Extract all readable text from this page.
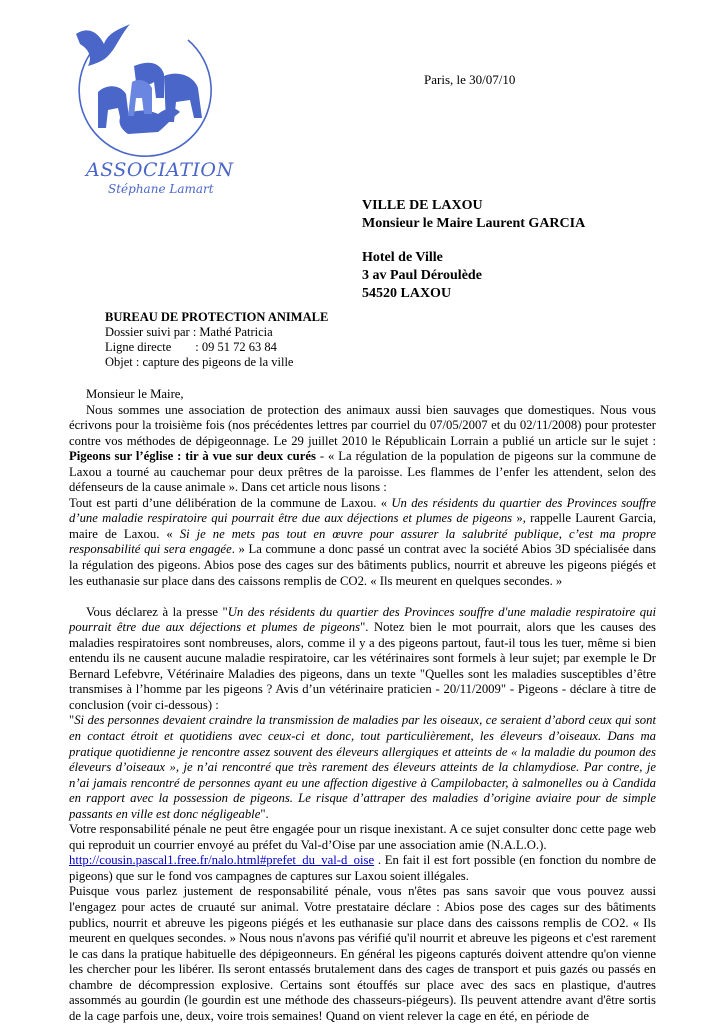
ASSOCIATION
Stéphane Lamart
Paris, le 30/07/10
VILLE DE LAXOU
Monsieur le Maire Laurent GARCIA
Hotel de Ville
3 av Paul Déroulède
54520 LAXOU
BUREAU DE PROTECTION ANIMALE
Dossier suivi par : Mathé Patricia
Ligne directe : 09 51 72 63 84
Objet : capture des pigeons de la ville

Monsieur le Maire,

Nous sommes une association de protection des animaux aussi bien sauvages que domestiques. Nous vous écrivons pour la troisième fois (nos précédentes lettres par courriel du 07/05/2007 et du 02/11/2008) pour protester contre vos méthodes de dépigeonnage. Le 29 juillet 2010 le Républicain Lorrain a publié un article sur le sujet : Pigeons sur l’église : tir à vue sur deux curés - « La régulation de la population de pigeons sur la commune de Laxou a tourné au cauchemar pour deux prêtres de la paroisse. Les flammes de l’enfer les attendent, selon des défenseurs de la cause animale ». Dans cet article nous lisons :

Tout est parti d’une délibération de la commune de Laxou. « Un des résidents du quartier des Provinces souffre d’une maladie respiratoire qui pourrait être due aux déjections et plumes de pigeons », rappelle Laurent Garcia, maire de Laxou. « Si je ne mets pas tout en œuvre pour assurer la salubrité publique, c’est ma propre responsabilité qui sera engagée. » La commune a donc passé un contrat avec la société Abios 3D spécialisée dans la régulation des pigeons. Abios pose des cages sur des bâtiments publics, nourrit et abreuve les pigeons piégés et les euthanasie sur place dans des caissons remplis de CO2. « Ils meurent en quelques secondes. »

Vous déclarez à la presse "Un des résidents du quartier des Provinces souffre d'une maladie respiratoire qui pourrait être due aux déjections et plumes de pigeons". Notez bien le mot pourrait, alors que les causes des maladies respiratoires sont nombreuses, alors, comme il y a des pigeons partout, faut-il tous les tuer, même si bien entendu ils ne causent aucune maladie respiratoire, car les vétérinaires sont formels à leur sujet; par exemple le Dr Bernard Lefebvre, Vétérinaire Maladies des pigeons, dans un texte "Quelles sont les maladies susceptibles d’être transmises à l’homme par les pigeons ? Avis d’un vétérinaire praticien - 20/11/2009" - Pigeons - déclare à titre de conclusion (voir ci-dessous) :

"Si des personnes devaient craindre la transmission de maladies par les oiseaux, ce seraient d’abord ceux qui sont en contact étroit et quotidiens avec ceux-ci et donc, tout particulièrement, les éleveurs d’oiseaux. Dans ma pratique quotidienne je rencontre assez souvent des éleveurs allergiques et atteints de « la maladie du poumon des éleveurs d’oiseaux », je n’ai rencontré que très rarement des éleveurs atteints de la chlamydiose. Par contre, je n’ai jamais rencontré de personnes ayant eu une affection digestive à Campilobacter, à salmonelles ou à Candida en rapport avec la possession de pigeons. Le risque d’attraper des maladies d’origine aviaire pour de simple passants en ville est donc négligeable".

Votre responsabilité pénale ne peut être engagée pour un risque inexistant. A ce sujet consulter donc cette page web qui reproduit un courrier envoyé au préfet du Val-d’Oise par une association amie (N.A.L.O.).
http://cousin.pascal1.free.fr/nalo.html#prefet_du_val-d_oise . En fait il est fort possible (en fonction du nombre de pigeons) que sur le fond vos campagnes de captures sur Laxou soient illégales.

Puisque vous parlez justement de responsabilité pénale, vous n'êtes pas sans savoir que vous pouvez aussi l'engagez pour actes de cruauté sur animal. Votre prestataire déclare : Abios pose des cages sur des bâtiments publics, nourrit et abreuve les pigeons piégés et les euthanasie sur place dans des caissons remplis de CO2. « Ils meurent en quelques secondes. » Nous nous n'avons pas vérifié qu'il nourrit et abreuve les pigeons et c'est rarement le cas dans la pratique habituelle des dépigeonneurs. En général les pigeons capturés doivent attendre qu'on vienne les chercher pour les libérer. Ils seront entassés brutalement dans des cages de transport et puis gazés ou passés en chambre de décompression explosive. Certains sont étouffés sur place avec des sacs en plastique, d'autres assommés au gourdin (le gourdin est une méthode des chasseurs-piégeurs). Ils peuvent attendre avant d'être sortis de la cage parfois une, deux, voire trois semaines! Quand on vient relever la cage en été, en période de
